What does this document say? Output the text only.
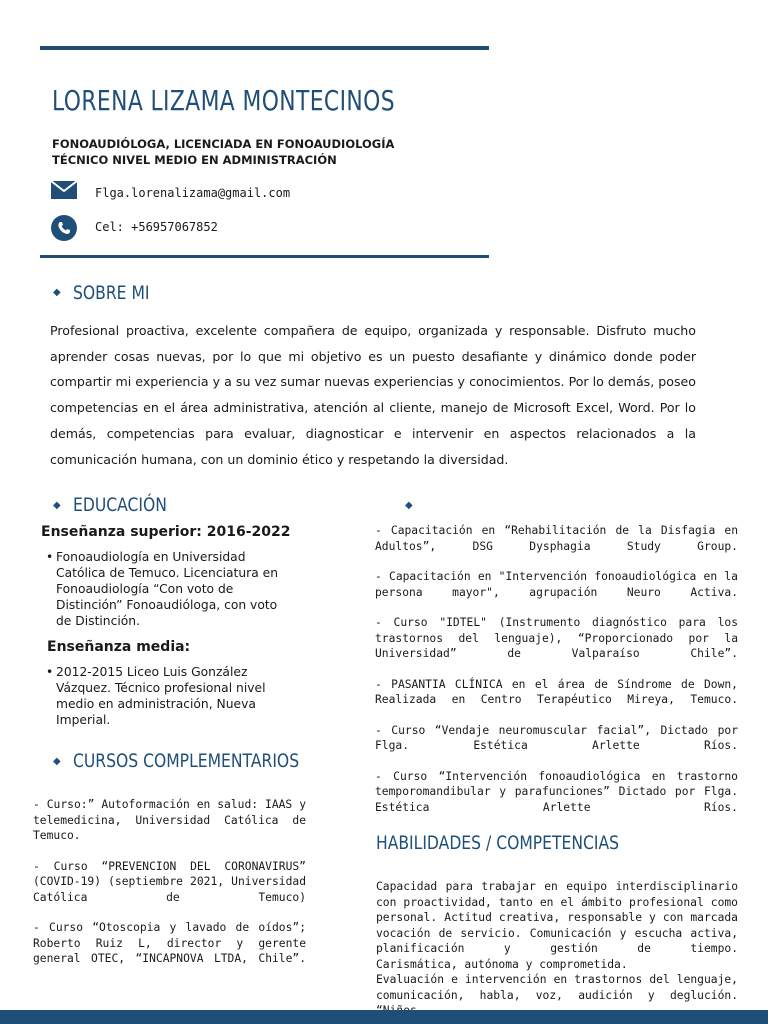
LORENA LIZAMA MONTECINOS
FONOAUDIÓLOGA, LICENCIADA EN FONOAUDIOLOGÍA
TÉCNICO NIVEL MEDIO EN ADMINISTRACIÓN
Flga.lorenalizama@gmail.com
Cel: +56957067852
◆ SOBRE MI
Profesional proactiva, excelente compañera de equipo, organizada y responsable. Disfruto mucho aprender cosas nuevas, por lo que mi objetivo es un puesto desafiante y dinámico donde poder compartir mi experiencia y a su vez sumar nuevas experiencias y conocimientos. Por lo demás, poseo competencias en el área administrativa, atención al cliente, manejo de Microsoft Excel, Word. Por lo demás, competencias para evaluar, diagnosticar e intervenir en aspectos relacionados a la comunicación humana, con un dominio ético y respetando la diversidad.
◆ EDUCACIÓN	◆
Enseñanza superior: 2016-2022
• Fonoaudiología en Universidad Católica de Temuco. Licenciatura en Fonoaudiología “Con voto de Distinción” Fonoaudióloga, con voto de Distinción.
Enseñanza media:
• 2012-2015 Liceo Luis González Vázquez. Técnico profesional nivel medio en administración, Nueva Imperial.
◆ CURSOS COMPLEMENTARIOS

- Curso:” Autoformación en salud: IAAS y telemedicina, Universidad Católica de Temuco.

- Curso “PREVENCION DEL CORONAVIRUS” (COVID-19) (septiembre 2021, Universidad Católica de Temuco)

- Curso “Otoscopia y lavado de oídos”; Roberto Ruiz L, director y gerente general OTEC, “INCAPNOVA LTDA, Chile”.

- Capacitación en “Rehabilitación de la Disfagia en Adultos”, DSG Dysphagia Study Group.

- Capacitación en "Intervención fonoaudiológica en la persona mayor", agrupación Neuro Activa.

- Curso "IDTEL" (Instrumento diagnóstico para los trastornos del lenguaje), “Proporcionado por la Universidad” de Valparaíso Chile”.

- PASANTIA CLÍNICA en el área de Síndrome de Down, Realizada en Centro Terapéutico Mireya, Temuco.

- Curso “Vendaje neuromuscular facial”, Dictado por Flga. Estética Arlette Ríos.

- Curso “Intervención fonoaudiológica en trastorno temporomandibular y parafunciones” Dictado por Flga. Estética Arlette Ríos.

HABILIDADES / COMPETENCIAS
Capacidad para trabajar en equipo interdisciplinario con proactividad, tanto en el ámbito profesional como personal. Actitud creativa, responsable y con marcada vocación de servicio. Comunicación y escucha activa, planificación y gestión de tiempo.
Carismática, autónoma y comprometida.
Evaluación e intervención en trastornos del lenguaje, comunicación, habla, voz, audición y deglución.
